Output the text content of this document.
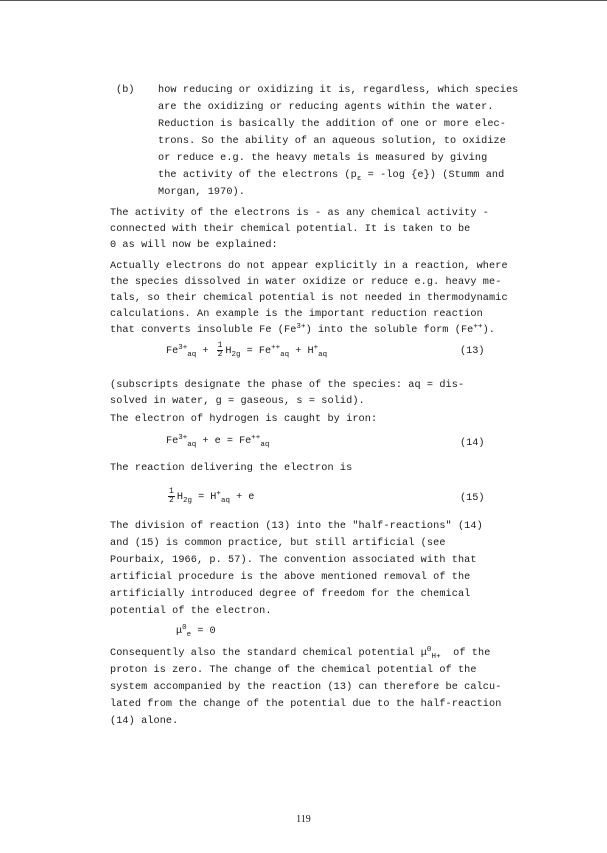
(b) how reducing or oxidizing it is, regardless, which species
are the oxidizing or reducing agents within the water.
Reduction is basically the addition of one or more elec-
trons. So the ability of an aqueous solution, to oxidize
or reduce e.g. the heavy metals is measured by giving
the activity of the electrons ($p_\varepsilon = -\log$ {e}) (Stumm and
Morgan, 1970).
The activity of the electrons is - as any chemical activity -
connected with their chemical potential. It is taken to be
0 as will now be explained:
Actually electrons do not appear explicitly in a reaction, where
the species dissolved in water oxidize or reduce e.g. heavy me-
tals, so their chemical potential is not needed in thermodynamic
calculations. An example is the important reduction reaction
that converts insoluble Fe $(Fe^{3+})$ into the soluble form (Fe++).
$Fe^{3+}_{aq} + \frac{1}{2} H_{2g} = Fe^{++}_{aq} + H^+_{aq}$	(13)
(subscripts designate the phase of the species: aq = dis-
solved in water, g = gaseous, s = solid).
The electron of hydrogen is caught by iron:
$Fe^{3+}_{aq} + e = Fe^{++}_{aq}$	(14)
The reaction delivering the electron is
$\frac{1}{2} H_{2g} = H^+_{aq} + e$	(15)
The division of reaction (13) into the "half-reactions" (14)
and (15) is common practice, but still artificial (see
Pourbaix, 1966, p. 57). The convention associated with that
artificial procedure is the above mentioned removal of the
artificially introduced degree of freedom for the chemical
potential of the electron.
$\mu^0_e = 0$
Consequently also the standard chemical potential $\mu^0_{H+}$  of the
proton is zero. The change of the chemical potential of the
system accompanied by the reaction (13) can therefore be calcu-
lated from the change of the potential due to the half-reaction
(14) alone.
119
